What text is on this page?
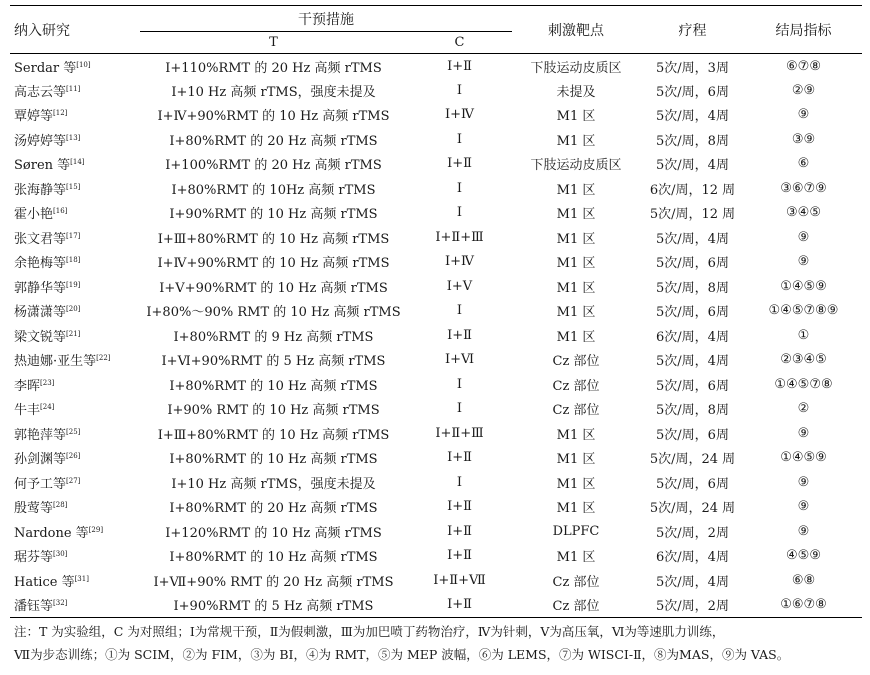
纳入研究	干预措施		刺激靶点	疗程	结局指标
	T	C			
Serdar 等[10]	Ⅰ+110%RMT 的 20 Hz 高频 rTMS	Ⅰ+Ⅱ	下肢运动皮质区	5次/周，3周	⑥⑦⑧
高志云等[11]	Ⅰ+10 Hz 高频 rTMS，强度未提及	Ⅰ	未提及	5次/周，6周	②⑨
覃婷等[12]	Ⅰ+Ⅳ+90%RMT 的 10 Hz 高频 rTMS	Ⅰ+Ⅳ	M1 区	5次/周，4周	⑨
汤婷婷等[13]	Ⅰ+80%RMT 的 20 Hz 高频 rTMS	Ⅰ	M1 区	5次/周，8周	③⑨
Søren 等[14]	Ⅰ+100%RMT 的 20 Hz 高频 rTMS	Ⅰ+Ⅱ	下肢运动皮质区	5次/周，4周	⑥
张海静等[15]	Ⅰ+80%RMT 的 10Hz 高频 rTMS	Ⅰ	M1 区	6次/周，12 周	③⑥⑦⑨
霍小艳[16]	Ⅰ+90%RMT 的 10 Hz 高频 rTMS	Ⅰ	M1 区	5次/周，12 周	③④⑤
张文君等[17]	Ⅰ+Ⅲ+80%RMT 的 10 Hz 高频 rTMS	Ⅰ+Ⅱ+Ⅲ	M1 区	5次/周，4周	⑨
余艳梅等[18]	Ⅰ+Ⅳ+90%RMT 的 10 Hz 高频 rTMS	Ⅰ+Ⅳ	M1 区	5次/周，6周	⑨
郭静华等[19]	Ⅰ+Ⅴ+90%RMT 的 10 Hz 高频 rTMS	Ⅰ+Ⅴ	M1 区	5次/周，8周	①④⑤⑨
杨潇潇等[20]	Ⅰ+80%～90% RMT 的 10 Hz 高频 rTMS	Ⅰ	M1 区	5次/周，6周	①④⑤⑦⑧⑨
梁文锐等[21]	Ⅰ+80%RMT 的 9 Hz 高频 rTMS	Ⅰ+Ⅱ	M1 区	6次/周，4周	①
热迪娜·亚生等[22]	Ⅰ+Ⅵ+90%RMT 的 5 Hz 高频 rTMS	Ⅰ+Ⅵ	Cz 部位	5次/周，4周	②③④⑤
李晖[23]	Ⅰ+80%RMT 的 10 Hz 高频 rTMS	Ⅰ	Cz 部位	5次/周，6周	①④⑤⑦⑧
牛丰[24]	Ⅰ+90% RMT 的 10 Hz 高频 rTMS	Ⅰ	Cz 部位	5次/周，8周	②
郭艳萍等[25]	Ⅰ+Ⅲ+80%RMT 的 10 Hz 高频 rTMS	Ⅰ+Ⅱ+Ⅲ	M1 区	5次/周，6周	⑨
孙剑渊等[26]	Ⅰ+80%RMT 的 10 Hz 高频 rTMS	Ⅰ+Ⅱ	M1 区	5次/周，24 周	①④⑤⑨
何予工等[27]	Ⅰ+10 Hz 高频 rTMS，强度未提及	Ⅰ	M1 区	5次/周，6周	⑨
殷莺等[28]	Ⅰ+80%RMT 的 20 Hz 高频 rTMS	Ⅰ+Ⅱ	M1 区	5次/周，24 周	⑨
Nardone 等[29]	Ⅰ+120%RMT 的 10 Hz 高频 rTMS	Ⅰ+Ⅱ	DLPFC	5次/周，2周	⑨
琚芬等[30]	Ⅰ+80%RMT 的 10 Hz 高频 rTMS	Ⅰ+Ⅱ	M1 区	6次/周，4周	④⑤⑨
Hatice 等[31]	Ⅰ+Ⅶ+90% RMT 的 20 Hz 高频 rTMS	Ⅰ+Ⅱ+Ⅶ	Cz 部位	5次/周，4周	⑥⑧
潘钰等[32]	Ⅰ+90%RMT 的 5 Hz 高频 rTMS	Ⅰ+Ⅱ	Cz 部位	5次/周，2周	①⑥⑦⑧

注：T 为实验组，C 为对照组；Ⅰ为常规干预，Ⅱ为假刺激，Ⅲ为加巴喷丁药物治疗，Ⅳ为针刺，Ⅴ为高压氧，Ⅵ为等速肌力训练，

Ⅶ为步态训练；①为 SCIM，②为 FIM，③为 BI，④为 RMT，⑤为 MEP 波幅，⑥为 LEMS，⑦为 WISCI-Ⅱ，⑧为MAS，⑨为 VAS。
